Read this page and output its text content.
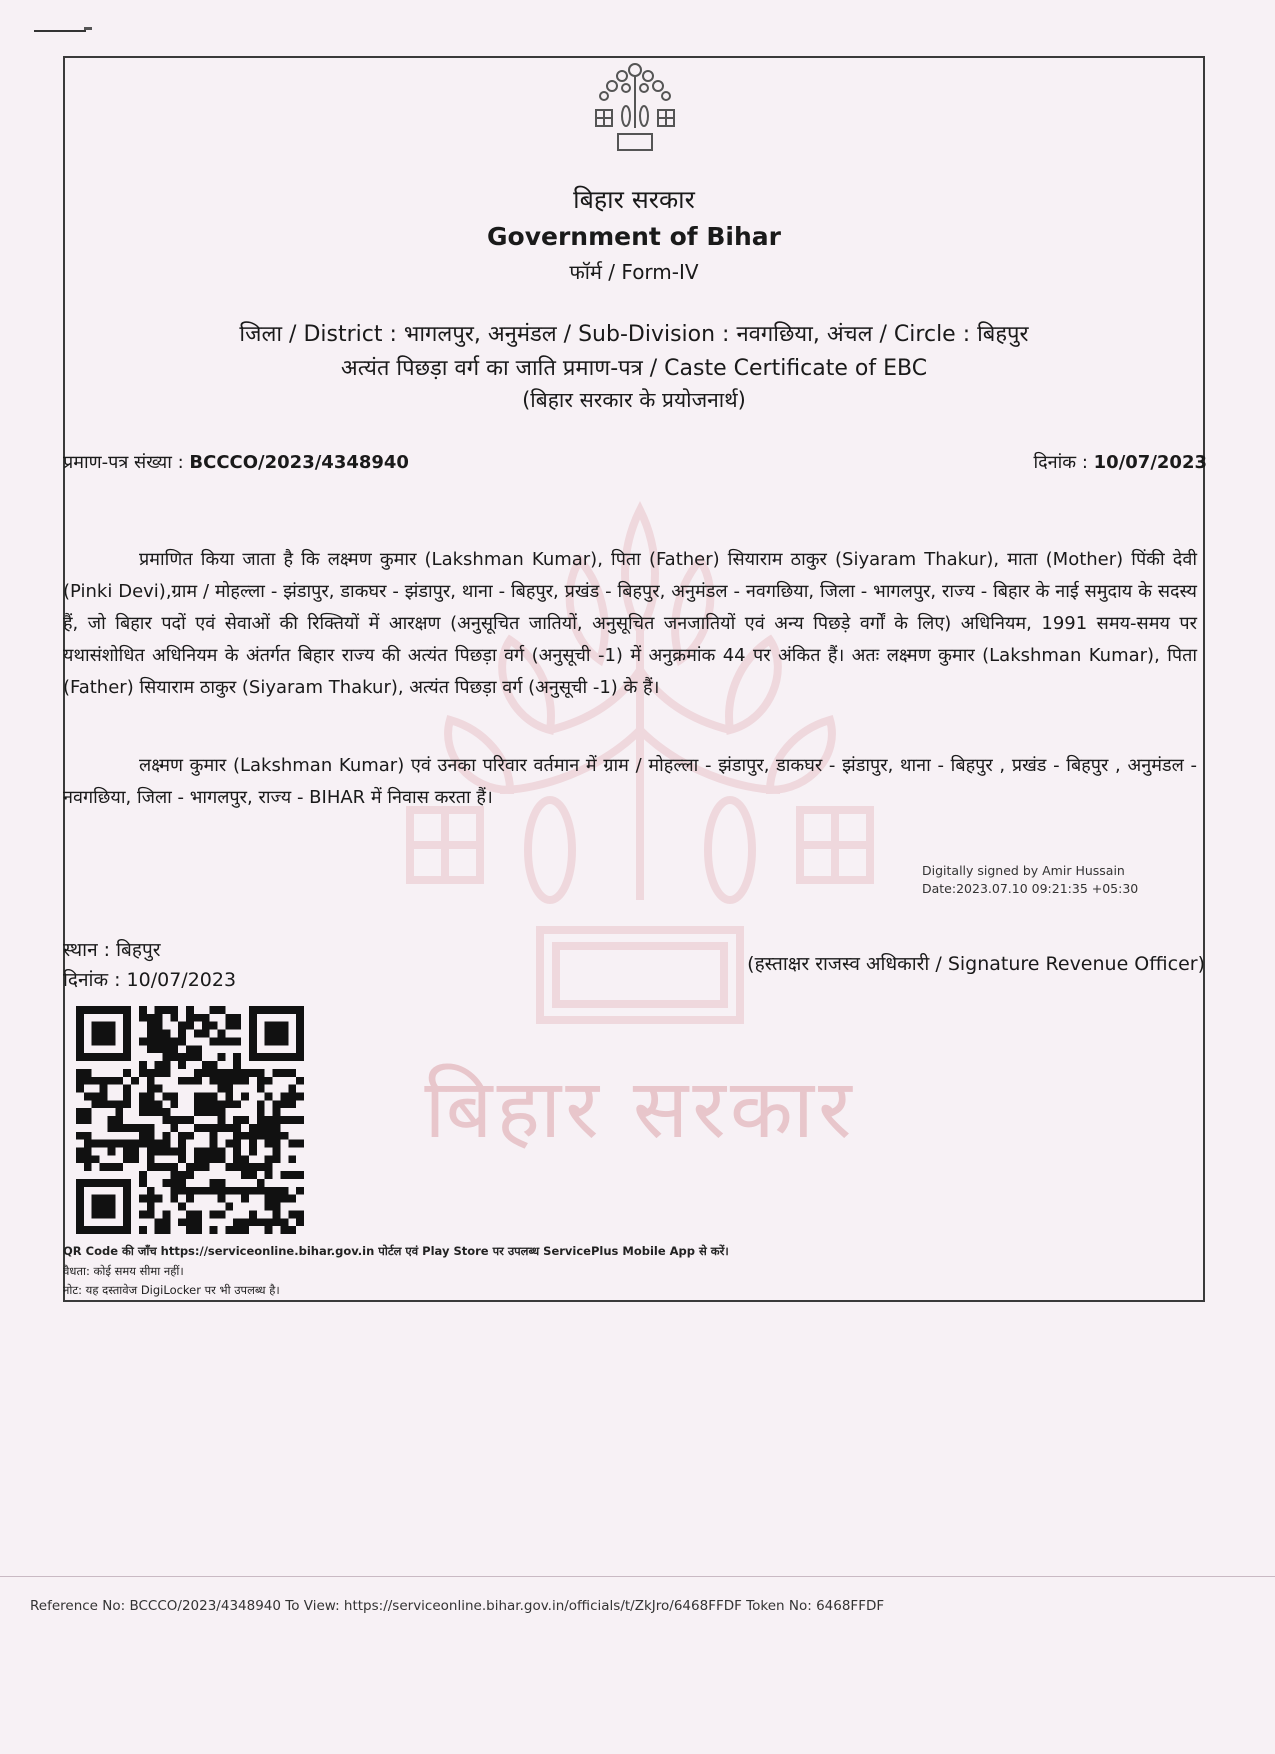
बिहार सरकार
बिहार सरकार
Government of Bihar
फॉर्म / Form-IV
जिला / District : भागलपुर, अनुमंडल / Sub-Division : नवगछिया, अंचल / Circle : बिहपुर
अत्यंत पिछड़ा वर्ग का जाति प्रमाण-पत्र / Caste Certificate of EBC
(बिहार सरकार के प्रयोजनार्थ)
प्रमाण-पत्र संख्या : BCCCO/2023/4348940	दिनांक : 10/07/2023
प्रमाणित किया जाता है कि लक्ष्मण कुमार (Lakshman Kumar), पिता (Father) सियाराम ठाकुर (Siyaram Thakur), माता (Mother) पिंकी देवी (Pinki Devi),ग्राम / मोहल्ला - झंडापुर, डाकघर - झंडापुर, थाना - बिहपुर, प्रखंड - बिहपुर, अनुमंडल - नवगछिया, जिला - भागलपुर, राज्य - बिहार के नाई समुदाय के सदस्य हैं, जो बिहार पदों एवं सेवाओं की रिक्तियों में आरक्षण (अनुसूचित जातियों, अनुसूचित जनजातियों एवं अन्य पिछड़े वर्गों के लिए) अधिनियम, 1991 समय-समय पर यथासंशोधित अधिनियम के अंतर्गत बिहार राज्य की अत्यंत पिछड़ा वर्ग (अनुसूची -1) में अनुक्रमांक 44 पर अंकित हैं। अतः लक्ष्मण कुमार (Lakshman Kumar), पिता (Father) सियाराम ठाकुर (Siyaram Thakur), अत्यंत पिछड़ा वर्ग (अनुसूची -1) के हैं।
लक्ष्मण कुमार (Lakshman Kumar) एवं उनका परिवार वर्तमान में ग्राम / मोहल्ला - झंडापुर, डाकघर - झंडापुर, थाना - बिहपुर , प्रखंड - बिहपुर , अनुमंडल - नवगछिया, जिला - भागलपुर, राज्य - BIHAR में निवास करता हैं।
Digitally signed by Amir Hussain
Date:2023.07.10 09:21:35 +05:30
स्थान : बिहपुर
दिनांक : 10/07/2023
(हस्ताक्षर राजस्व अधिकारी / Signature Revenue Officer)
QR Code की जाँच https://serviceonline.bihar.gov.in पोर्टल एवं Play Store पर उपलब्ध ServicePlus Mobile App से करें।
वैधता: कोई समय सीमा नहीं।
नोट: यह दस्तावेज DigiLocker पर भी उपलब्ध है।
Reference No: BCCCO/2023/4348940 To View: https://serviceonline.bihar.gov.in/officials/t/ZkJro/6468FFDF Token No: 6468FFDF
